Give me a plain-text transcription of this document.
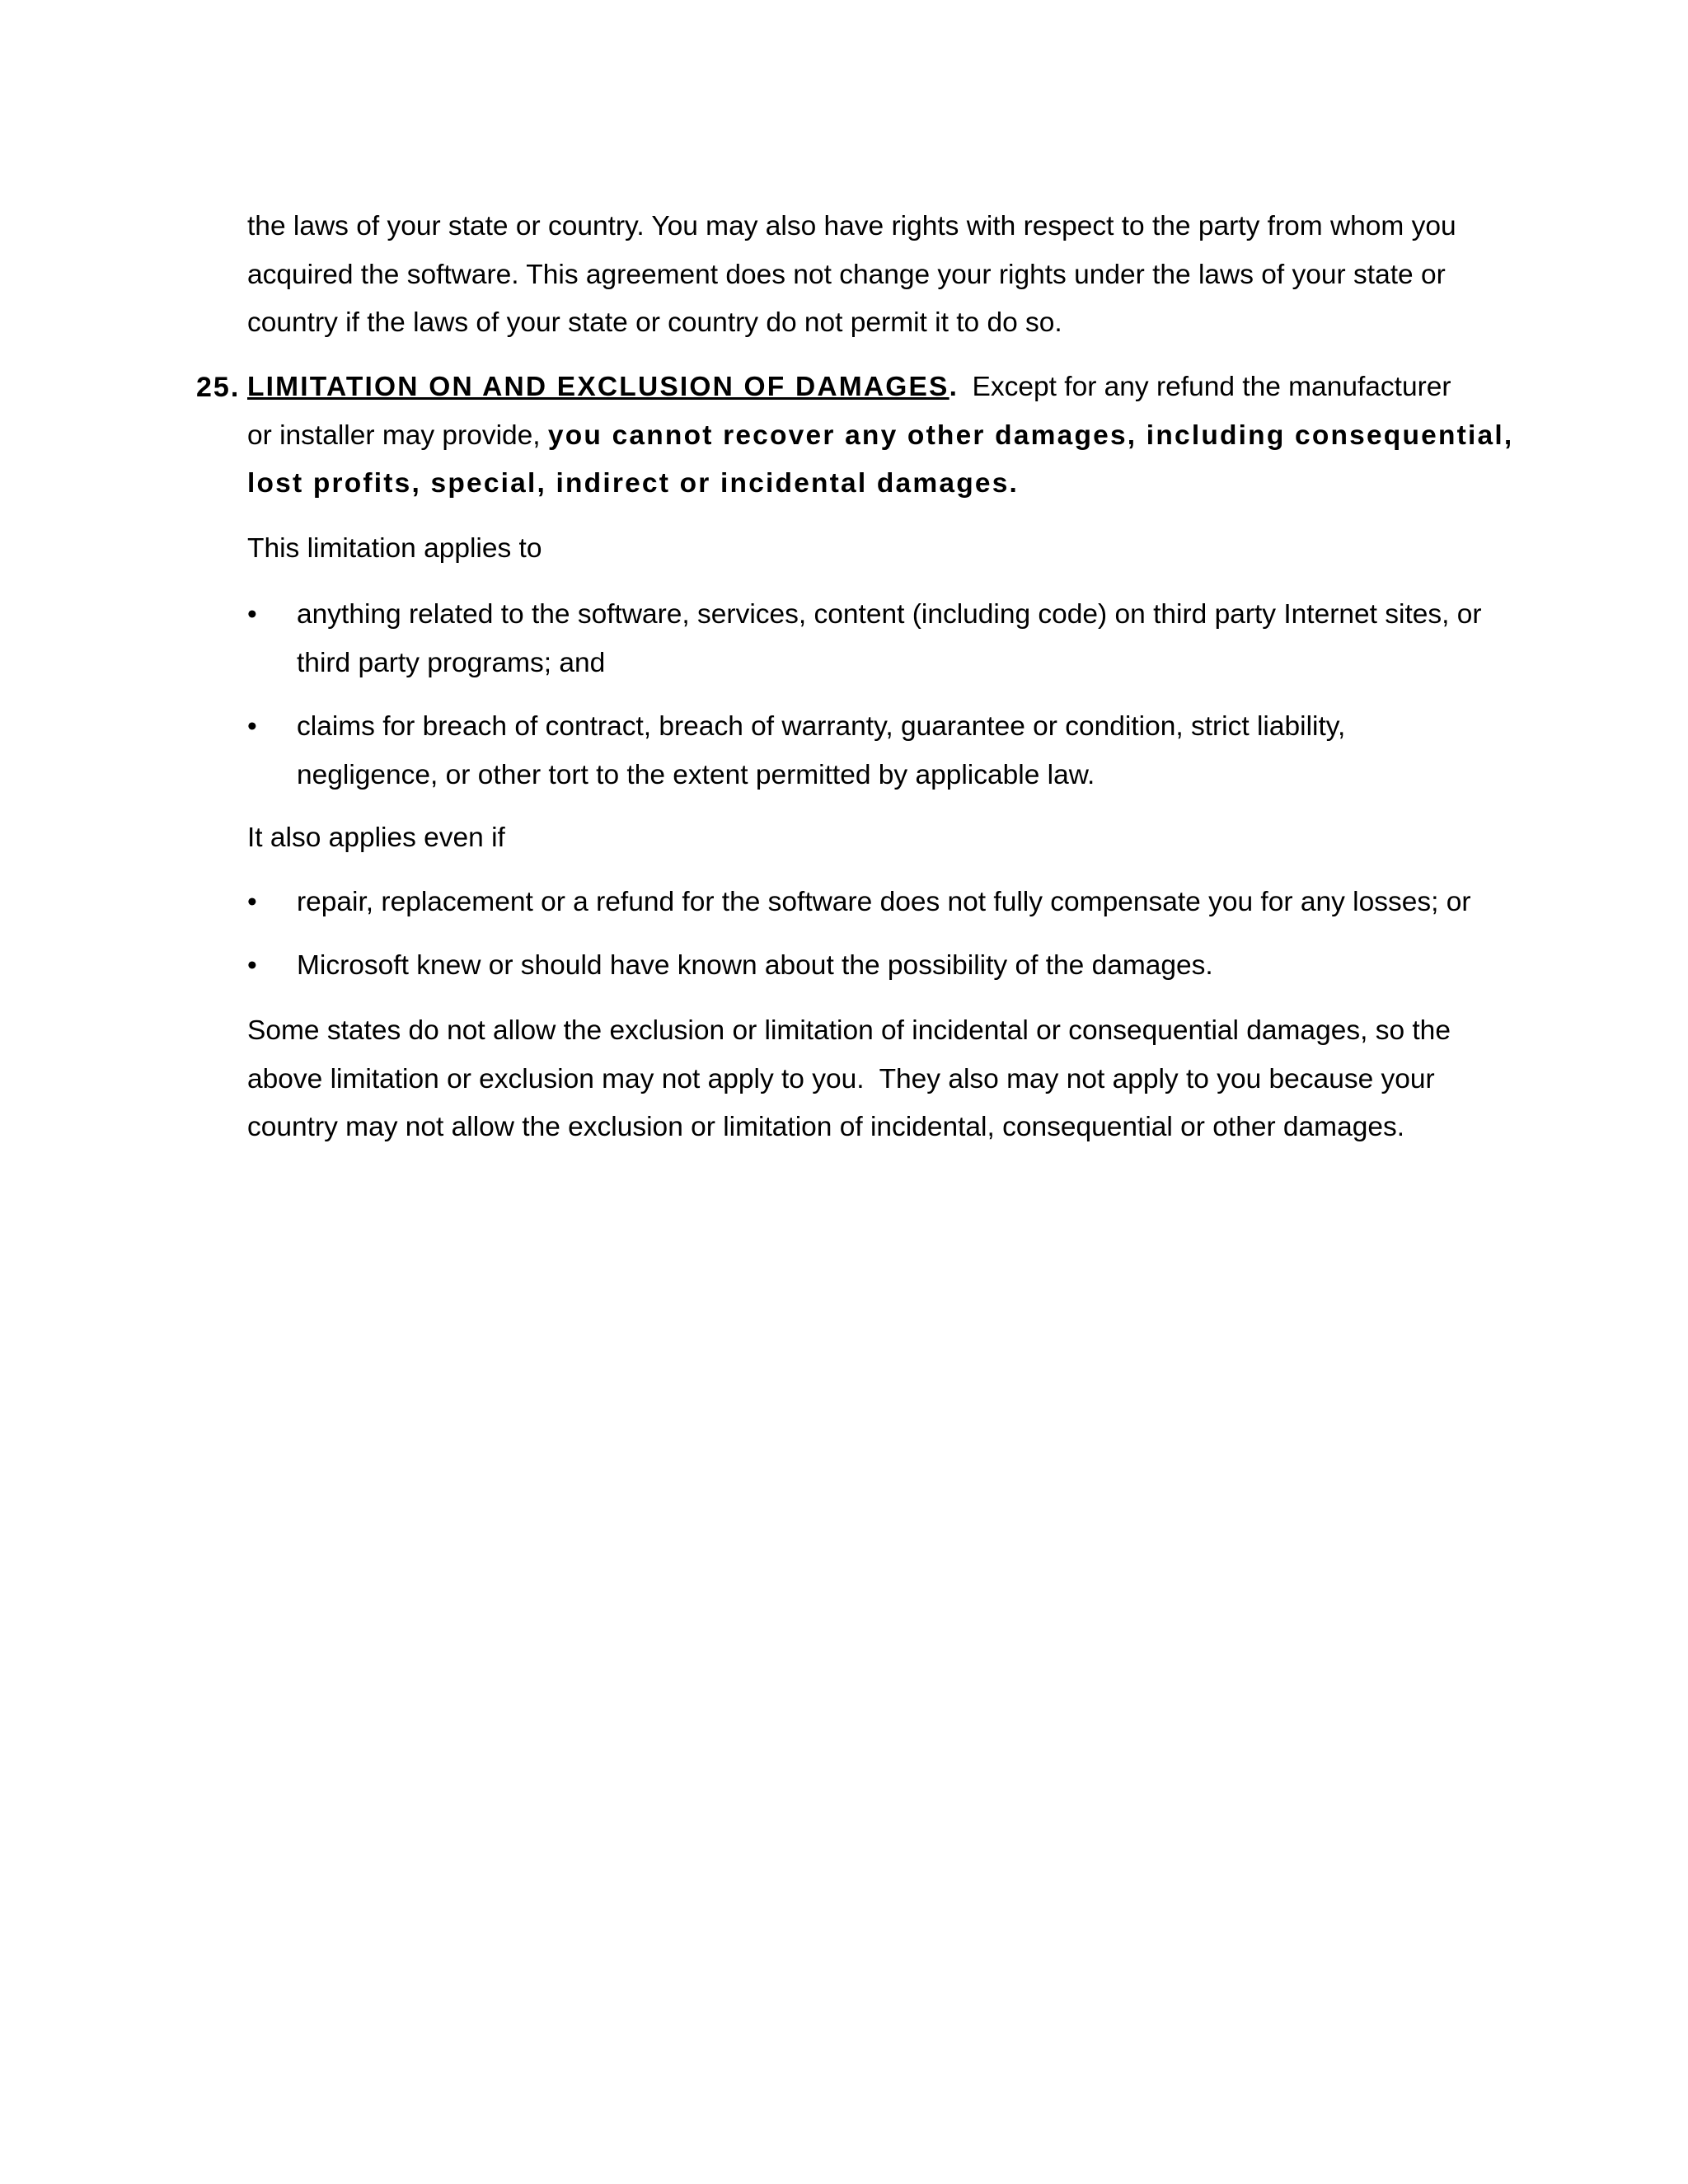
the laws of your state or country. You may also have rights with respect to the party from whom you
acquired the software. This agreement does not change your rights under the laws of your state or
country if the laws of your state or country do not permit it to do so.

25. LIMITATION ON AND EXCLUSION OF DAMAGES.  Except for any refund the manufacturer
or installer may provide, you cannot recover any other damages, including consequential,
lost profits, special, indirect or incidental damages.

This limitation applies to

• anything related to the software, services, content (including code) on third party Internet sites, or
third party programs; and

• claims for breach of contract, breach of warranty, guarantee or condition, strict liability,
negligence, or other tort to the extent permitted by applicable law.

It also applies even if

• repair, replacement or a refund for the software does not fully compensate you for any losses; or

• Microsoft knew or should have known about the possibility of the damages.

Some states do not allow the exclusion or limitation of incidental or consequential damages, so the
above limitation or exclusion may not apply to you.  They also may not apply to you because your
country may not allow the exclusion or limitation of incidental, consequential or other damages.
